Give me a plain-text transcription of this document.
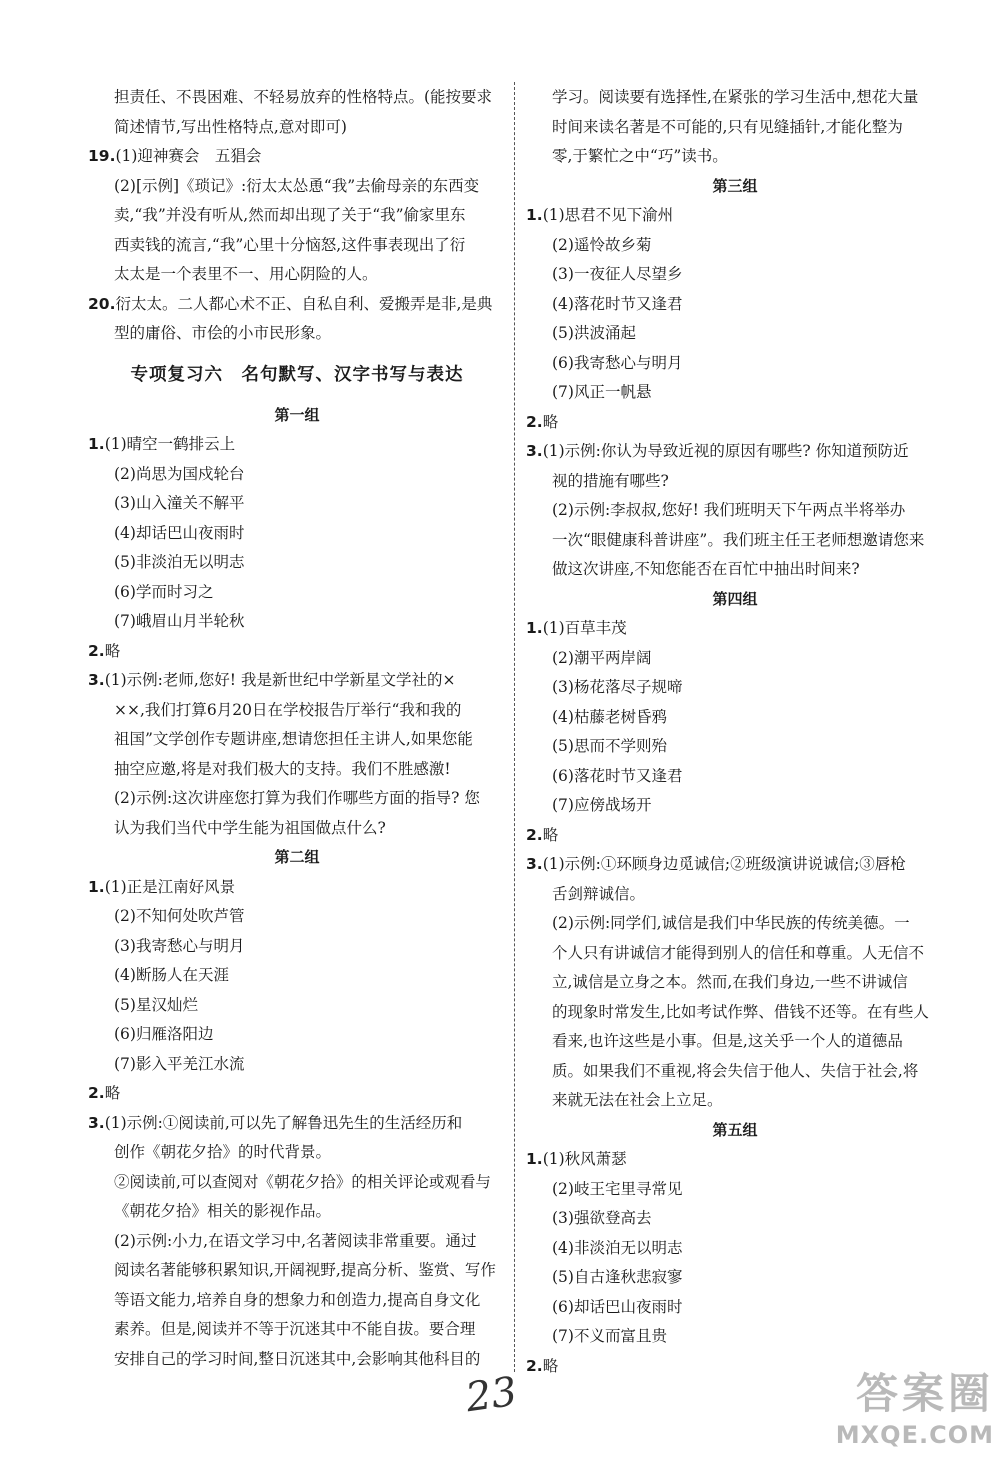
担责任、不畏困难、不轻易放弃的性格特点。(能按要求
简述情节,写出性格特点,意对即可)
19.(1)迎神赛会　五猖会
(2)[示例]《琐记》:衍太太怂恿“我”去偷母亲的东西变
卖,“我”并没有听从,然而却出现了关于“我”偷家里东
西卖钱的流言,“我”心里十分恼怒,这件事表现出了衍
太太是一个表里不一、用心阴险的人。
20.衍太太。二人都心术不正、自私自利、爱搬弄是非,是典
型的庸俗、市侩的小市民形象。
专项复习六　名句默写、汉字书写与表达
第一组
1.(1)晴空一鹤排云上
(2)尚思为国戍轮台
(3)山入潼关不解平
(4)却话巴山夜雨时
(5)非淡泊无以明志
(6)学而时习之
(7)峨眉山月半轮秋
2.略
3.(1)示例:老师,您好! 我是新世纪中学新星文学社的×
××,我们打算6月20日在学校报告厅举行“我和我的
祖国”文学创作专题讲座,想请您担任主讲人,如果您能
抽空应邀,将是对我们极大的支持。我们不胜感激!
(2)示例:这次讲座您打算为我们作哪些方面的指导? 您
认为我们当代中学生能为祖国做点什么?
第二组
1.(1)正是江南好风景
(2)不知何处吹芦管
(3)我寄愁心与明月
(4)断肠人在天涯
(5)星汉灿烂
(6)归雁洛阳边
(7)影入平羌江水流
2.略
3.(1)示例:①阅读前,可以先了解鲁迅先生的生活经历和
创作《朝花夕拾》的时代背景。
②阅读前,可以查阅对《朝花夕拾》的相关评论或观看与
《朝花夕拾》相关的影视作品。
(2)示例:小力,在语文学习中,名著阅读非常重要。通过
阅读名著能够积累知识,开阔视野,提高分析、鉴赏、写作
等语文能力,培养自身的想象力和创造力,提高自身文化
素养。但是,阅读并不等于沉迷其中不能自拔。要合理
安排自己的学习时间,整日沉迷其中,会影响其他科目的
学习。阅读要有选择性,在紧张的学习生活中,想花大量
时间来读名著是不可能的,只有见缝插针,才能化整为
零,于繁忙之中“巧”读书。
第三组
1.(1)思君不见下渝州
(2)遥怜故乡菊
(3)一夜征人尽望乡
(4)落花时节又逢君
(5)洪波涌起
(6)我寄愁心与明月
(7)风正一帆悬
2.略
3.(1)示例:你认为导致近视的原因有哪些? 你知道预防近
视的措施有哪些?
(2)示例:李叔叔,您好! 我们班明天下午两点半将举办
一次“眼健康科普讲座”。我们班主任王老师想邀请您来
做这次讲座,不知您能否在百忙中抽出时间来?
第四组
1.(1)百草丰茂
(2)潮平两岸阔
(3)杨花落尽子规啼
(4)枯藤老树昏鸦
(5)思而不学则殆
(6)落花时节又逢君
(7)应傍战场开
2.略
3.(1)示例:①环顾身边觅诚信;②班级演讲说诚信;③唇枪
舌剑辩诚信。
(2)示例:同学们,诚信是我们中华民族的传统美德。一
个人只有讲诚信才能得到别人的信任和尊重。人无信不
立,诚信是立身之本。然而,在我们身边,一些不讲诚信
的现象时常发生,比如考试作弊、借钱不还等。在有些人
看来,也许这些是小事。但是,这关乎一个人的道德品
质。如果我们不重视,将会失信于他人、失信于社会,将
来就无法在社会上立足。
第五组
1.(1)秋风萧瑟
(2)岐王宅里寻常见
(3)强欲登高去
(4)非淡泊无以明志
(5)自古逢秋悲寂寥
(6)却话巴山夜雨时
(7)不义而富且贵
2.略
23	答案圈
MXQE.COM
